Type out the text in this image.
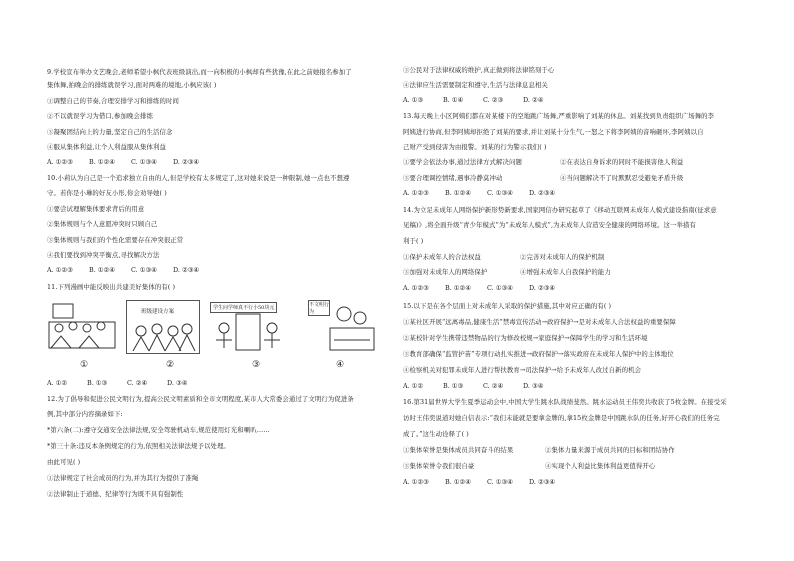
9.学校宣布举办文艺晚会,老师希望小枫代表班级演出,而一向积极的小枫却有些犹豫,在此之前她报名参加了
集体舞,拍晚会的排练就误学习,面对两难的境地,小枫应该( )
①调整自己的节奏,合理安排学习和排练的时间
②不以就误学习为借口,参加晚会排练
③凝聚团结向上的力量,坚定自己的生活信念
④服从集体利益,让个人利益服从集体利益
A. ①②③	B. ①②④	C. ①③④	D. ②③④
10.小莉认为自己是一个追求独立自由的人,但是学校有太多规定了,这对她来说是一种限制,她一点也不想遵
守。若你是小琳的好友小彤,你会劝导她( )
①要尝试理解集体要求背后的用意
②集体规则与个人意愿冲突时只顾自己
③集体规则与我们的个性化需要存在冲突很正常
④我们要找到冲突平衡点,寻找解决方法
A. ①②③	B. ①②④	C. ①③④	D. ②③④
11.下列漫画中能反映出共建美好集体的有( )
班级建设方案
学生问学师真不行小50块元	不文明行为
①	②	③	④
A. ①②	B. ①③	C. ②④	D. ③④
12.为了倡导和促进公民文明行为,提高公民文明素质和全市文明程度,某市人大常委会通过了文明行为促进条
例,其中部分内容摘录如下:
*第六条(二):遵守交通安全法律法规,安全驾驶机动车,规范使用灯光和喇叭……
*第三十条:违反本条例规定的行为,依照相关法律法规予以处理。
由此可见( )
①法律规定了社会成员的行为,并为其行为提供了准绳
②法律制止于道德、纪律等行为既不具有强制性
③公民对于法律权威的维护,真正做到将法律铭刻于心
④法律应生活需要制定和遵守,生活与法律息息相关
A. ①③	B. ①④	C. ②③	D. ②④
13.每天晚上小区阿姨们都在对某楼下的空地跳广场舞,严重影响了刘某的休息。刘某找到负责组织广场舞的李
阿姨进行协商,但李阿姨却拒绝了刘某的要求,并让刘某十分生气,一怒之下将李阿姨的音响砸坏,李阿姨以自
己财产受到侵害为由报警。刘某的行为警示我们( )
①要学会依法办事,通过法律方式解决问题	②在表达自身诉求的同时不能损害他人利益
③要合理调控情绪,遇事冷静莫冲动	④当问题解决不了时默默忍受避免矛盾升级
A. ①②③	B. ①②④	C. ①③④	D. ②③④
14.为立足未成年人网络保护新形势新要求,国家网信办研究起草了《移动互联网未成年人模式建设指南(征求意
见稿)》,将全面升级“青少年模式”为“未成年人模式”,为未成年人营造安全健康的网络环境。这一举措有
利于( )
①保护未成年人的合法权益	②完善对未成年人的保护机制
③加强对未成年人的网络保护	④增强未成年人自我保护的能力
A. ①②③	B. ①②④	C. ①③④	D. ②③④
15.以下是在各个层面上对未成年人采取的保护措施,其中对应正确的有( )
①某社区开展“远离毒品,健康生活”禁毒宣传活动→政府保护→是对未成年人合法权益的重要保障
②某校针对学生携带违禁物品的行为修改校规→家庭保护→保障学生的学习和生活环境
③教育部确保“监管护苗”专项行动扎实推进→政府保护→落实政府在未成年人保护中的主体地位
④检察机关对犯罪未成年人进行帮扶教育→司法保护→给予未成年人改过自新的机会
A. ①②	B. ①③	C. ②④	D. ③④
16.第31届世界大学生夏季运动会中,中国大学生跳水队战绩斐然。跳水运动员王伟奕共收获了5枚金牌。在接受采
访时王伟奕说道对她自信表示:“我们未能就是要拿金牌的,拿15枚金牌是中国跳水队的任务,好开心我们的任务完
成了。”这生动诠释了( )
①集体荣誉是集体成员共同奋斗的结果	②集体力量来源于成员共同的目标和团结协作
③集体荣誉令我们很自豪	④实现个人利益比集体利益更值得开心
A. ①②③	B. ①②④	C. ①③④	D. ②③④
